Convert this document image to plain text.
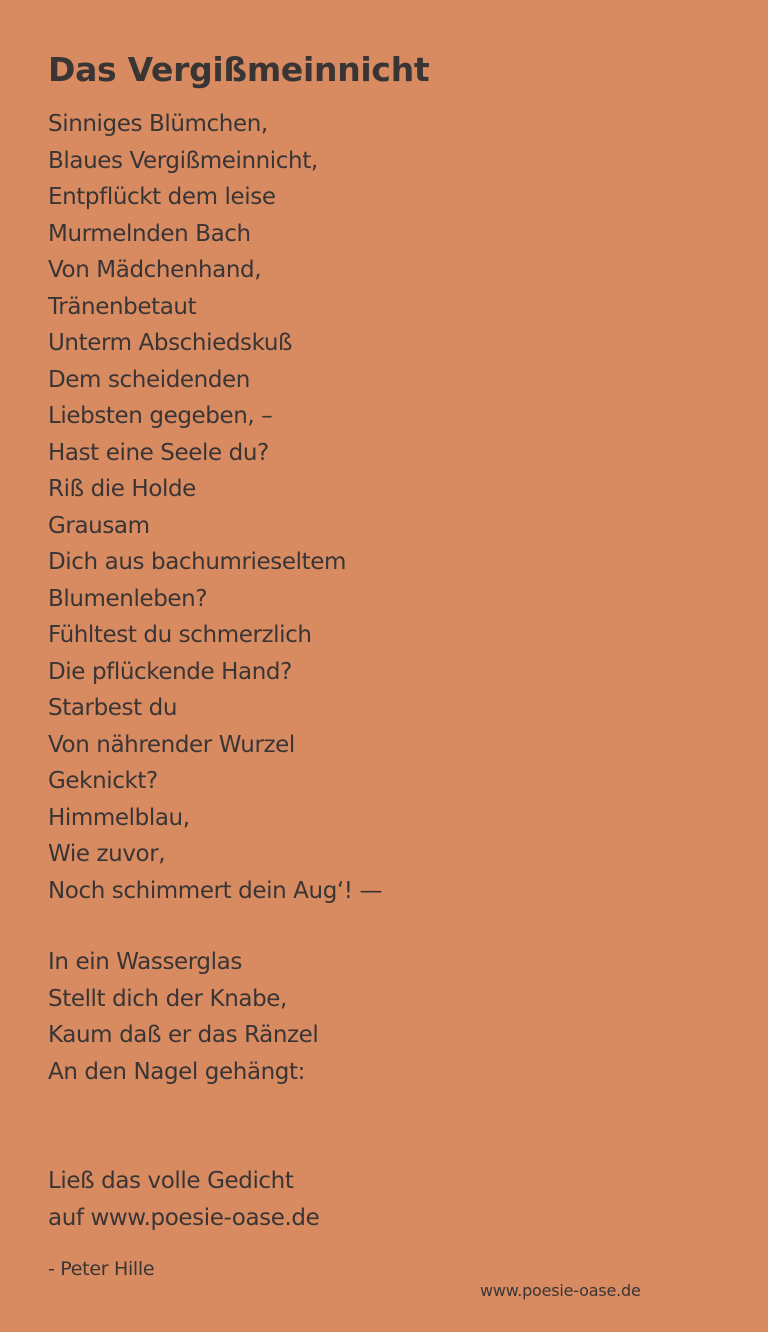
Das Vergißmeinnicht
Sinniges Blümchen,
Blaues Vergißmeinnicht,
Entpflückt dem leise
Murmelnden Bach
Von Mädchenhand,
Tränenbetaut
Unterm Abschiedskuß
Dem scheidenden
Liebsten gegeben, –
Hast eine Seele du?
Riß die Holde
Grausam
Dich aus bachumrieseltem
Blumenleben?
Fühltest du schmerzlich
Die pflückende Hand?
Starbest du
Von nährender Wurzel
Geknickt?
Himmelblau,
Wie zuvor,
Noch schimmert dein Aug‘! —
In ein Wasserglas
Stellt dich der Knabe,
Kaum daß er das Ränzel
An den Nagel gehängt:
Ließ das volle Gedicht
auf www.poesie-oase.de
- Peter Hille
www.poesie-oase.de
